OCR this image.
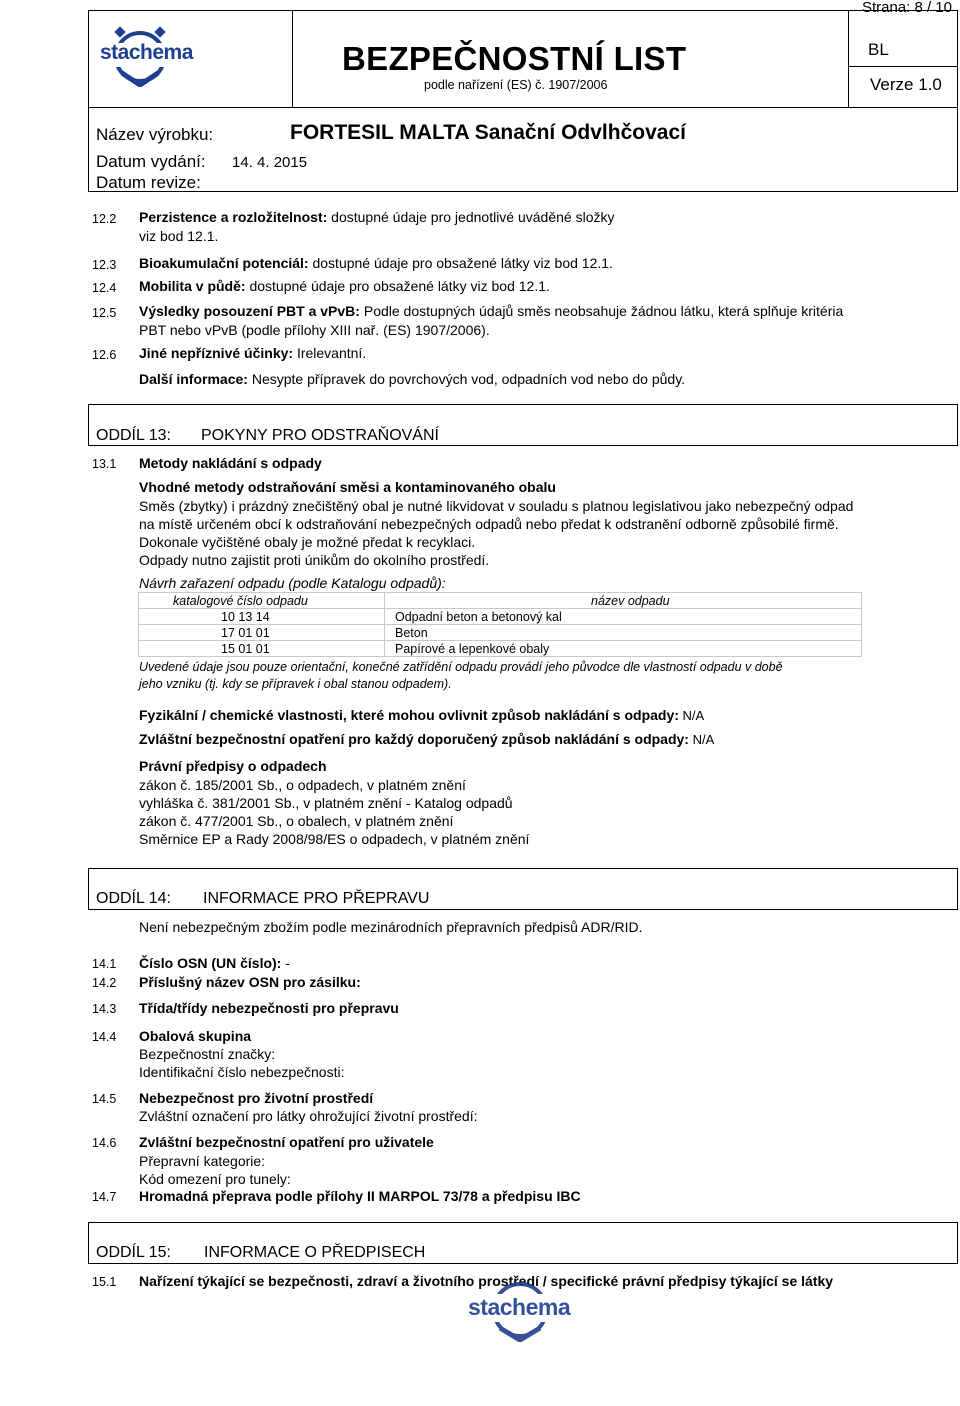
Strana: 8 / 10
stachema	BEZPEČNOSTNÍ LIST
podle nařízení (ES) č. 1907/2006
BL
Verze 1.0
Název výrobku:	FORTESIL MALTA Sanační Odvlhčovací
Datum vydání: 14. 4. 2015
Datum revize:
12.2 Perzistence a rozložitelnost: dostupné údaje pro jednotlivé uváděné složky
viz bod 12.1.
12.3 Bioakumulační potenciál: dostupné údaje pro obsažené látky viz bod 12.1.
12.4 Mobilita v půdě: dostupné údaje pro obsažené látky viz bod 12.1.
12.5 Výsledky posouzení PBT a vPvB: Podle dostupných údajů směs neobsahuje žádnou látku, která splňuje kritéria
PBT nebo vPvB (podle přílohy XIII nař. (ES) 1907/2006).
12.6 Jiné nepříznivé účinky: Irelevantní.
Další informace: Nesypte přípravek do povrchových vod, odpadních vod nebo do půdy.
ODDÍL 13: POKYNY PRO ODSTRAŇOVÁNÍ
13.1 Metody nakládání s odpady
Vhodné metody odstraňování směsi a kontaminovaného obalu
Směs (zbytky) i prázdný znečištěný obal je nutné likvidovat v souladu s platnou legislativou jako nebezpečný odpad
na místě určeném obcí k odstraňování nebezpečných odpadů nebo předat k odstranění odborně způsobilé firmě.
Dokonale vyčištěné obaly je možné předat k recyklaci.
Odpady nutno zajistit proti únikům do okolního prostředí.
Návrh zařazení odpadu (podle Katalogu odpadů):
katalogové číslo odpadu	název odpadu
10 13 14	Odpadní beton a betonový kal
17 01 01	Beton
15 01 01	Papírové a lepenkové obaly
Uvedené údaje jsou pouze orientační, konečné zatřídění odpadu provádí jeho původce dle vlastností odpadu v době
jeho vzniku (tj. kdy se přípravek i obal stanou odpadem).
Fyzikální / chemické vlastnosti, které mohou ovlivnit způsob nakládání s odpady: N/A
Zvláštní bezpečnostní opatření pro každý doporučený způsob nakládání s odpady: N/A
Právní předpisy o odpadech
zákon č. 185/2001 Sb., o odpadech, v platném znění
vyhláška č. 381/2001 Sb., v platném znění - Katalog odpadů
zákon č. 477/2001 Sb., o obalech, v platném znění
Směrnice EP a Rady 2008/98/ES o odpadech, v platném znění
ODDÍL 14: INFORMACE PRO PŘEPRAVU
Není nebezpečným zbožím podle mezinárodních přepravních předpisů ADR/RID.
14.1 Číslo OSN (UN číslo): -
14.2 Příslušný název OSN pro zásilku:
14.3 Třída/třídy nebezpečnosti pro přepravu
14.4 Obalová skupina
Bezpečnostní značky:
Identifikační číslo nebezpečnosti:
14.5 Nebezpečnost pro životní prostředí
Zvláštní označení pro látky ohrožující životní prostředí:
14.6 Zvláštní bezpečnostní opatření pro uživatele
Přepravní kategorie:
Kód omezení pro tunely:
14.7 Hromadná přeprava podle přílohy II MARPOL 73/78 a předpisu IBC
ODDÍL 15: INFORMACE O PŘEDPISECH
15.1 Nařízení týkající se bezpečnosti, zdraví a životního prostředí / specifické právní předpisy týkající se látky
stachema
